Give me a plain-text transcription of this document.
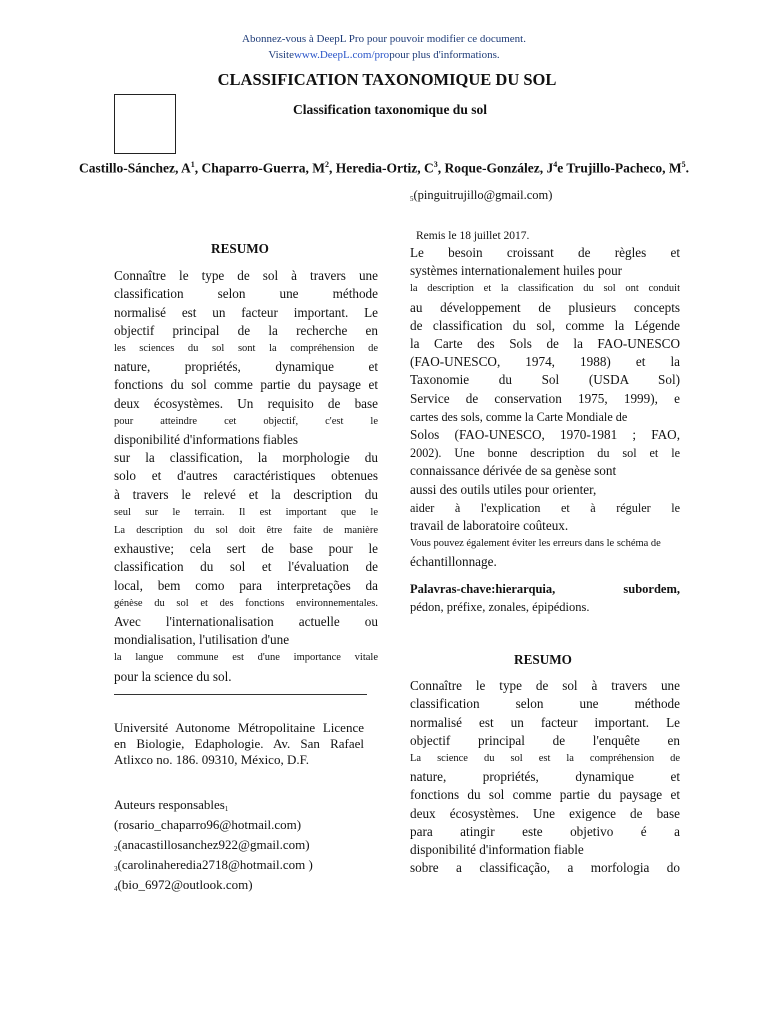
Abonnez-vous à DeepL Pro pour pouvoir modifier ce document.
Visitewww.DeepL.com/propour plus d'informations.
CLASSIFICATION TAXONOMIQUE DU SOL
Classification taxonomique du sol
Castillo-Sánchez, $A^1$, Chaparro-Guerra, $M^2$, Heredia-Ortiz, $C^3$, Roque-González, $J^4e$ Trujillo-Pacheco, $M^5$.
$_5$(pinguitrujillo@gmail.com)
RESUMO
Connaître le type de sol à travers une
classification selon une méthode
normalisé est un facteur important. Le
objectif principal de la recherche en
les sciences du sol sont la compréhension de
nature, propriétés, dynamique et
fonctions du sol comme partie du paysage et
deux écosystèmes. Un requisito de base
pour atteindre cet objectif, c'est le
disponibilité d'informations fiables
sur la classification, la morphologie du
solo et d'autres caractéristiques obtenues
à travers le relevé et la description du
seul sur le terrain. Il est important que le
La description du sol doit être faite de manière
exhaustive; cela sert de base pour le
classification du sol et l'évaluation de
local, bem como para interpretações da
génèse du sol et des fonctions environnementales.
Avec l'internationalisation actuelle ou
mondialisation, l'utilisation d'une
la langue commune est d'une importance vitale
pour la science du sol.
Université Autonome Métropolitaine Licence en Biologie, Edaphologie. Av. San Rafael Atlixco no. 186. 09310, México, D.F.
Auteurs responsables$_1$
(rosario_chaparro96@hotmail.com)
$_2$(anacastillosanchez922@gmail.com)
$_3$(carolinaheredia2718@hotmail.com )
$_4$(bio_6972@outlook.com)
Remis le 18 juillet 2017.
Le besoin croissant de règles et
systèmes internationalement huiles pour
la description et la classification du sol ont conduit
au développement de plusieurs concepts
de classification du sol, comme la Légende
la Carte des Sols de la FAO-UNESCO
(FAO-UNESCO, 1974, 1988) et la
Taxonomie du Sol (USDA Sol)
Service de conservation 1975, 1999), e
cartes des sols, comme la Carte Mondiale de
Solos (FAO-UNESCO, 1970-1981 ; FAO,
2002). Une bonne description du sol et le
connaissance dérivée de sa genèse sont
aussi des outils utiles pour orienter,
aider à l'explication et à réguler le
travail de laboratoire coûteux.
Vous pouvez également éviter les erreurs dans le schéma de
échantillonnage.
Palavras-chave:hierarquia, subordem,
pédon, préfixe, zonales, épipédions.
RESUMO
Connaître le type de sol à travers une
classification selon une méthode
normalisé est un facteur important. Le
objectif principal de l'enquête en
La science du sol est la compréhension de
nature, propriétés, dynamique et
fonctions du sol comme partie du paysage et
deux écosystèmes. Une exigence de base
para atingir este objetivo é a
disponibilité d'information fiable
sobre a classificação, a morfologia do
